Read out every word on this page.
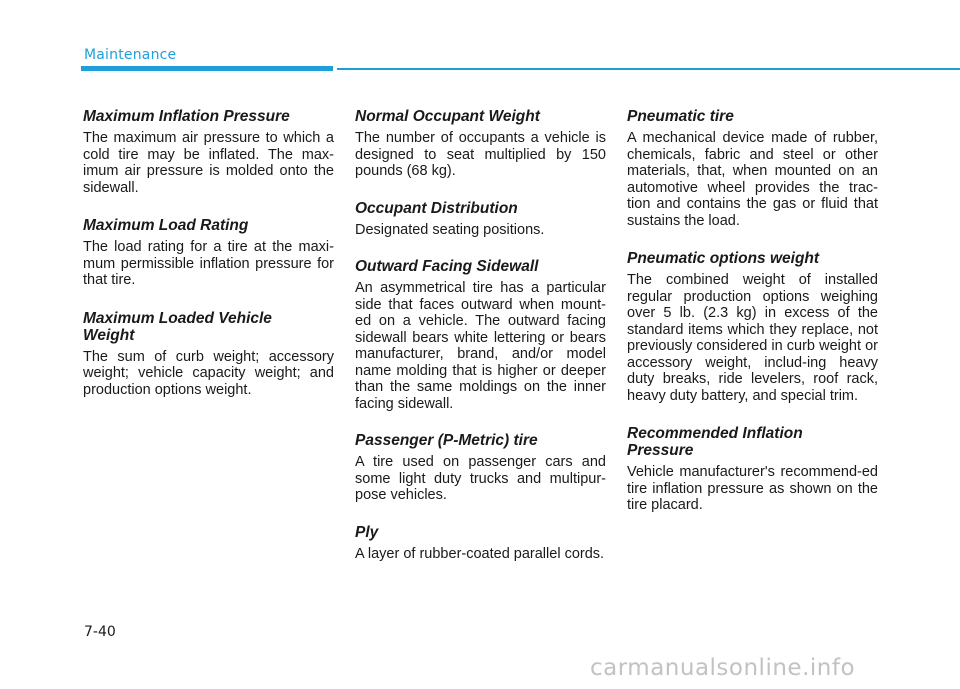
Maintenance

Maximum Inflation Pressure

The maximum air pressure to which a cold tire may be inflated. The max-imum air pressure is molded onto the sidewall.

Maximum Load Rating

The load rating for a tire at the maxi-mum permissible inflation pressure for that tire.

Maximum Loaded Vehicle Weight

The sum of curb weight; accessory weight; vehicle capacity weight; and production options weight.

Normal Occupant Weight

The number of occupants a vehicle is designed to seat multiplied by 150 pounds (68 kg).

Occupant Distribution

Designated seating positions.

Outward Facing Sidewall

An asymmetrical tire has a particular side that faces outward when mount-ed on a vehicle. The outward facing sidewall bears white lettering or bears manufacturer, brand, and/or model name molding that is higher or deeper than the same moldings on the inner facing sidewall.

Passenger (P-Metric) tire

A tire used on passenger cars and some light duty trucks and multipur-pose vehicles.

Ply

A layer of rubber-coated parallel cords.

Pneumatic tire

A mechanical device made of rubber, chemicals, fabric and steel or other materials, that, when mounted on an automotive wheel provides the trac-tion and contains the gas or fluid that sustains the load.

Pneumatic options weight

The combined weight of installed regular production options weighing over 5 lb. (2.3 kg) in excess of the standard items which they replace, not previously considered in curb weight or accessory weight, includ-ing heavy duty breaks, ride levelers, roof rack, heavy duty battery, and special trim.

Recommended Inflation Pressure

Vehicle manufacturer's recommend-ed tire inflation pressure as shown on the tire placard.

7-40
carmanualsonline.info
